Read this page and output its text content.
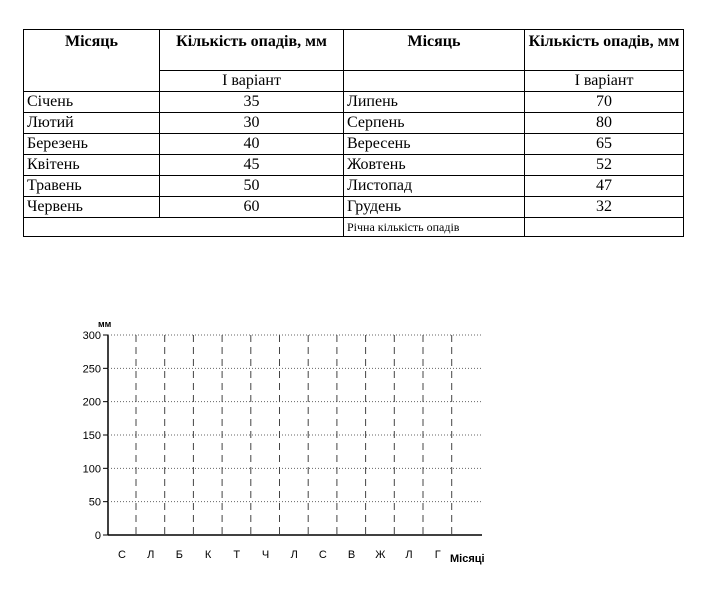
Місяць	Кількість опадів, мм	Місяць	Кількість опадів, мм
	І варіант		І варіант
Січень	35	Липень	70
Лютий	30	Серпень	80
Березень	40	Вересень	65
Квітень	45	Жовтень	52
Травень	50	Листопад	47
Червень	60	Грудень	32
		Річна кількість опадів	
мм
Місяці
0
50
100
150
200
250
300
С Л Б К Т Ч Л С В Ж Л Г
